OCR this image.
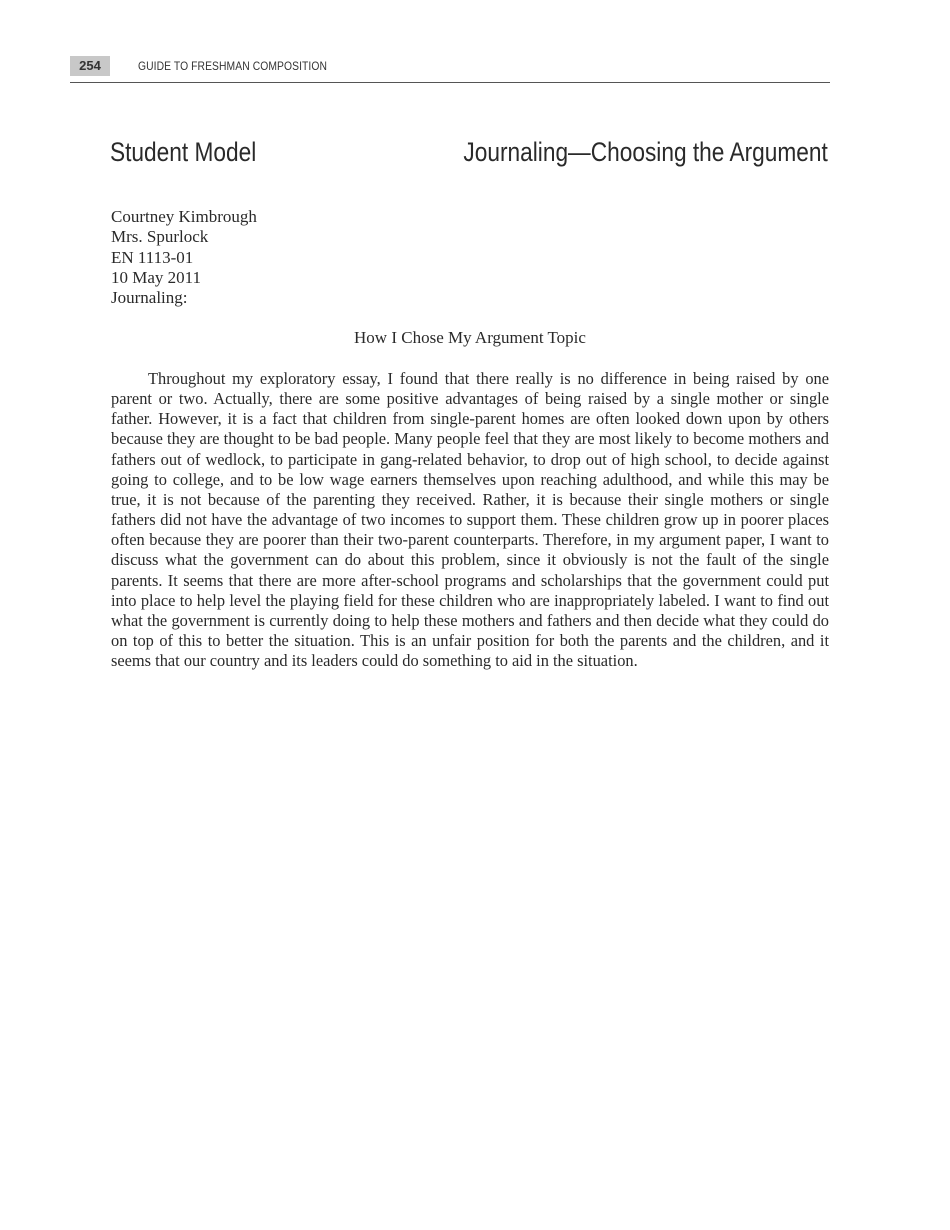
254	GUIDE TO FRESHMAN COMPOSITION
Student Model	Journaling—Choosing the Argument
Courtney Kimbrough
Mrs. Spurlock
EN 1113-01
10 May 2011
Journaling:
How I Chose My Argument Topic

Throughout my exploratory essay, I found that there really is no difference in being raised by one parent or two. Actually, there are some positive advantages of being raised by a single mother or single father. However, it is a fact that children from single-parent homes are often looked down upon by others because they are thought to be bad people. Many people feel that they are most likely to become mothers and fathers out of wedlock, to participate in gang-related behavior, to drop out of high school, to decide against going to college, and to be low wage earners themselves upon reaching adulthood, and while this may be true, it is not because of the parenting they received. Rather, it is because their single mothers or single fathers did not have the advantage of two incomes to support them. These children grow up in poorer places often because they are poorer than their two-parent counterparts. Therefore, in my argument paper, I want to discuss what the government can do about this problem, since it obviously is not the fault of the single parents. It seems that there are more after-school programs and scholarships that the government could put into place to help level the playing field for these children who are inappropriately labeled. I want to find out what the government is currently doing to help these mothers and fathers and then decide what they could do on top of this to better the situation. This is an unfair position for both the parents and the children, and it seems that our country and its leaders could do something to aid in the situation.
